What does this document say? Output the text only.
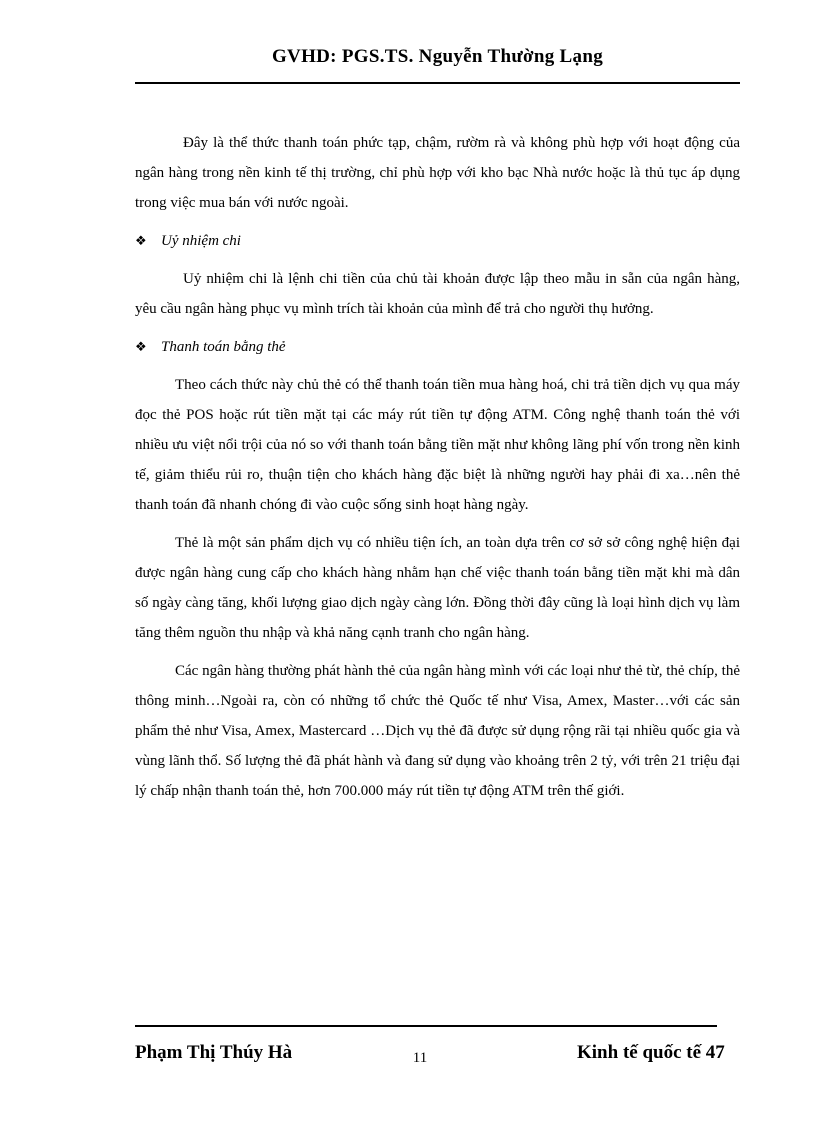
GVHD: PGS.TS. Nguyễn Thường Lạng

Đây là thể thức thanh toán phức tạp, chậm, rườm rà và không phù hợp với hoạt động của ngân hàng trong nền kinh tế thị trường, chỉ phù hợp với kho bạc Nhà nước hoặc là thủ tục áp dụng trong việc mua bán với nước ngoài.

❖ Uỷ nhiệm chi

Uỷ nhiệm chi là lệnh chi tiền của chủ tài khoản được lập theo mẫu in sẵn của ngân hàng, yêu cầu ngân hàng phục vụ mình trích tài khoản của mình để trả cho người thụ hưởng.

❖ Thanh toán bằng thẻ

Theo cách thức này chủ thẻ có thể thanh toán tiền mua hàng hoá, chi trả tiền dịch vụ qua máy đọc thẻ POS hoặc rút tiền mặt tại các máy rút tiền tự động ATM. Công nghệ thanh toán thẻ với nhiều ưu việt nổi trội của nó so với thanh toán bằng tiền mặt như không lãng phí vốn trong nền kinh tế, giảm thiểu rủi ro, thuận tiện cho khách hàng đặc biệt là những người hay phải đi xa…nên thẻ thanh toán đã nhanh chóng đi vào cuộc sống sinh hoạt hàng ngày.

Thẻ là một sản phẩm dịch vụ có nhiều tiện ích, an toàn dựa trên cơ sở sở công nghệ hiện đại được ngân hàng cung cấp cho khách hàng nhằm hạn chế việc thanh toán bằng tiền mặt khi mà dân số ngày càng tăng, khối lượng giao dịch ngày càng lớn. Đồng thời đây cũng là loại hình dịch vụ làm tăng thêm nguồn thu nhập và khả năng cạnh tranh cho ngân hàng.

Các ngân hàng thường phát hành thẻ của ngân hàng mình với các loại như thẻ từ, thẻ chíp, thẻ thông minh…Ngoài ra, còn có những tổ chức thẻ Quốc tế như Visa, Amex, Master…với các sản phẩm thẻ như Visa, Amex, Mastercard …Dịch vụ thẻ đã được sử dụng rộng rãi tại nhiều quốc gia và vùng lãnh thổ. Số lượng thẻ đã phát hành và đang sử dụng vào khoảng trên 2 tỷ, với trên 21 triệu đại lý chấp nhận thanh toán thẻ, hơn 700.000 máy rút tiền tự động ATM trên thế giới.

Phạm Thị Thúy Hà	11	Kinh tế quốc tế 47
